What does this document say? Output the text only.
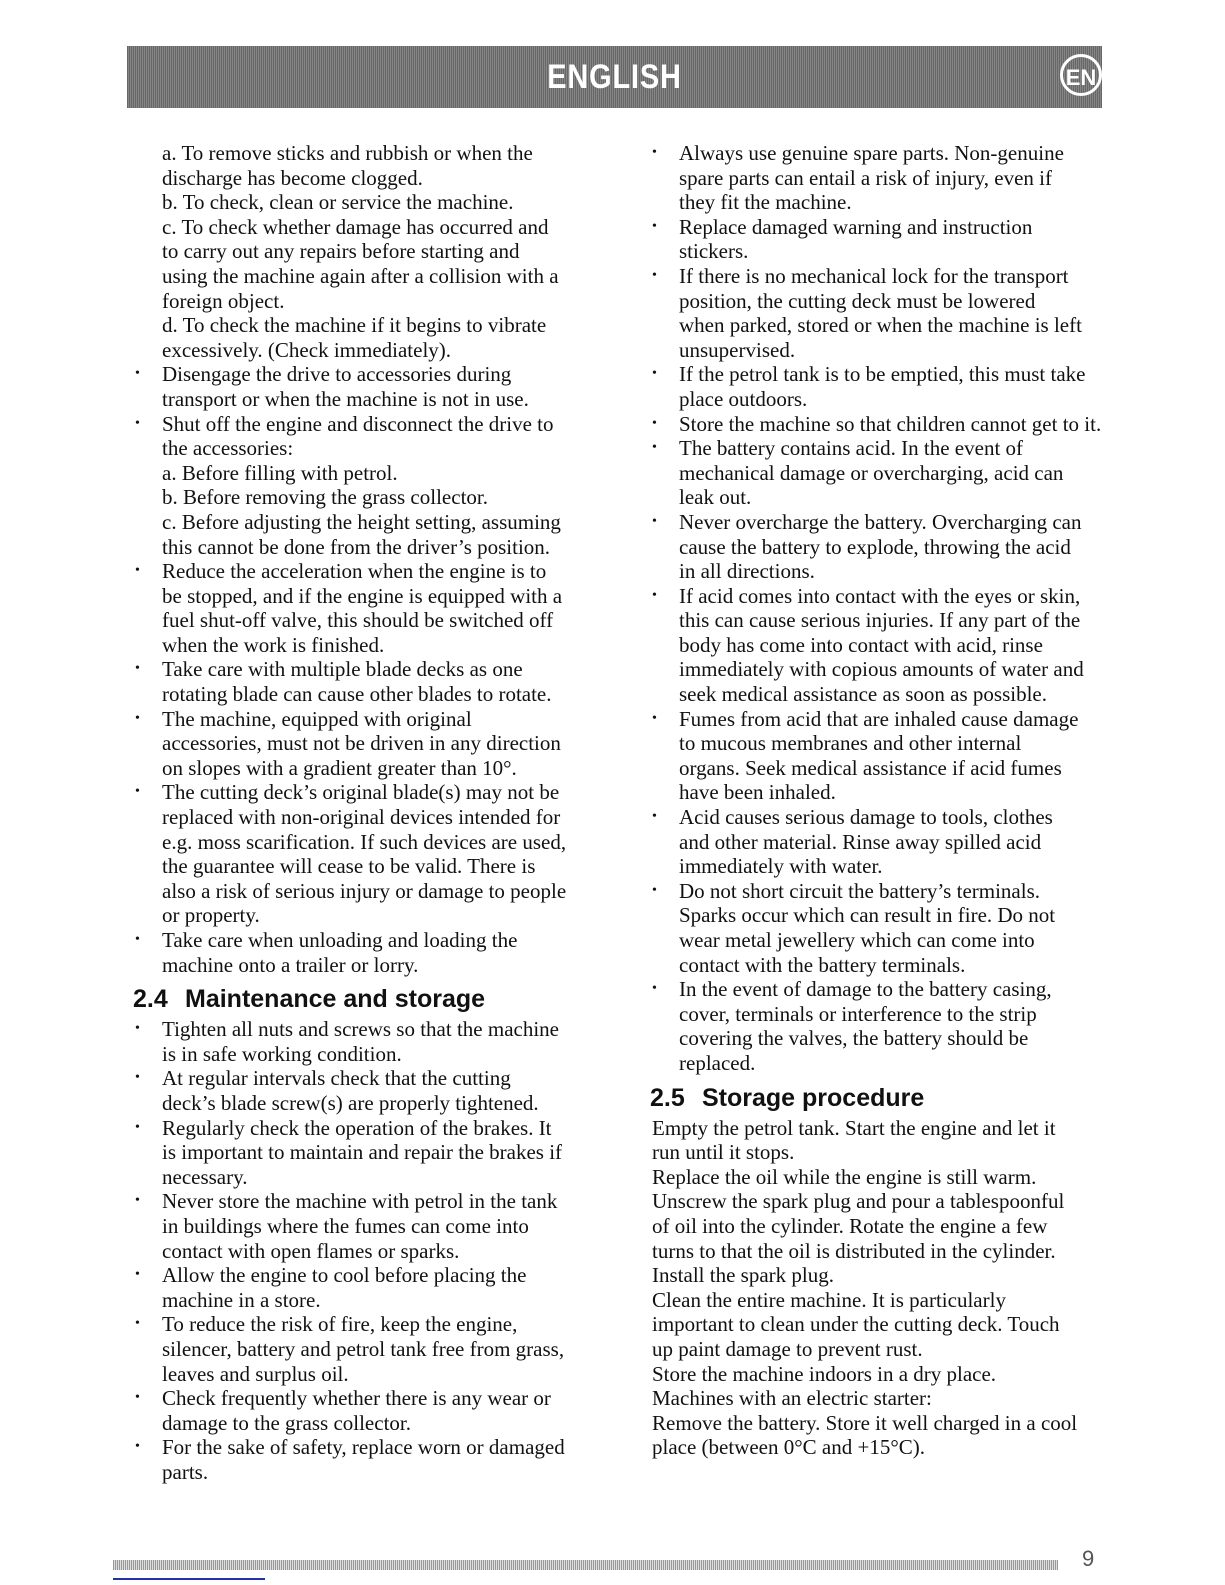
ENGLISH	EN
a. To remove sticks and rubbish or when the
discharge has become clogged.
b. To check, clean or service the machine.
c. To check whether damage has occurred and
to carry out any repairs before starting and
using the machine again after a collision with a
foreign object.
d. To check the machine if it begins to vibrate
excessively. (Check immediately).
• Disengage the drive to accessories during
transport or when the machine is not in use.
• Shut off the engine and disconnect the drive to
the accessories:
a. Before filling with petrol.
b. Before removing the grass collector.
c. Before adjusting the height setting, assuming
this cannot be done from the driver’s position.
• Reduce the acceleration when the engine is to
be stopped, and if the engine is equipped with a
fuel shut-off valve, this should be switched off
when the work is finished.
• Take care with multiple blade decks as one
rotating blade can cause other blades to rotate.
• The machine, equipped with original
accessories, must not be driven in any direction
on slopes with a gradient greater than 10°.
• The cutting deck’s original blade(s) may not be
replaced with non-original devices intended for
e.g. moss scarification. If such devices are used,
the guarantee will cease to be valid. There is
also a risk of serious injury or damage to people
or property.
• Take care when unloading and loading the
machine onto a trailer or lorry.
2.4 Maintenance and storage
• Tighten all nuts and screws so that the machine
is in safe working condition.
• At regular intervals check that the cutting
deck’s blade screw(s) are properly tightened.
• Regularly check the operation of the brakes. It
is important to maintain and repair the brakes if
necessary.
• Never store the machine with petrol in the tank
in buildings where the fumes can come into
contact with open flames or sparks.
• Allow the engine to cool before placing the
machine in a store.
• To reduce the risk of fire, keep the engine,
silencer, battery and petrol tank free from grass,
leaves and surplus oil.
• Check frequently whether there is any wear or
damage to the grass collector.
• For the sake of safety, replace worn or damaged
parts.
• Always use genuine spare parts. Non-genuine
spare parts can entail a risk of injury, even if
they fit the machine.
• Replace damaged warning and instruction
stickers.
• If there is no mechanical lock for the transport
position, the cutting deck must be lowered
when parked, stored or when the machine is left
unsupervised.
• If the petrol tank is to be emptied, this must take
place outdoors.
• Store the machine so that children cannot get to it.
• The battery contains acid. In the event of
mechanical damage or overcharging, acid can
leak out.
• Never overcharge the battery. Overcharging can
cause the battery to explode, throwing the acid
in all directions.
• If acid comes into contact with the eyes or skin,
this can cause serious injuries. If any part of the
body has come into contact with acid, rinse
immediately with copious amounts of water and
seek medical assistance as soon as possible.
• Fumes from acid that are inhaled cause damage
to mucous membranes and other internal
organs. Seek medical assistance if acid fumes
have been inhaled.
• Acid causes serious damage to tools, clothes
and other material. Rinse away spilled acid
immediately with water.
• Do not short circuit the battery’s terminals.
Sparks occur which can result in fire. Do not
wear metal jewellery which can come into
contact with the battery terminals.
• In the event of damage to the battery casing,
cover, terminals or interference to the strip
covering the valves, the battery should be
replaced.
2.5 Storage procedure
Empty the petrol tank. Start the engine and let it
run until it stops.
Replace the oil while the engine is still warm.
Unscrew the spark plug and pour a tablespoonful
of oil into the cylinder. Rotate the engine a few
turns to that the oil is distributed in the cylinder.
Install the spark plug.
Clean the entire machine. It is particularly
important to clean under the cutting deck. Touch
up paint damage to prevent rust.
Store the machine indoors in a dry place.
Machines with an electric starter:
Remove the battery. Store it well charged in a cool
place (between 0°C and +15°C).
9
